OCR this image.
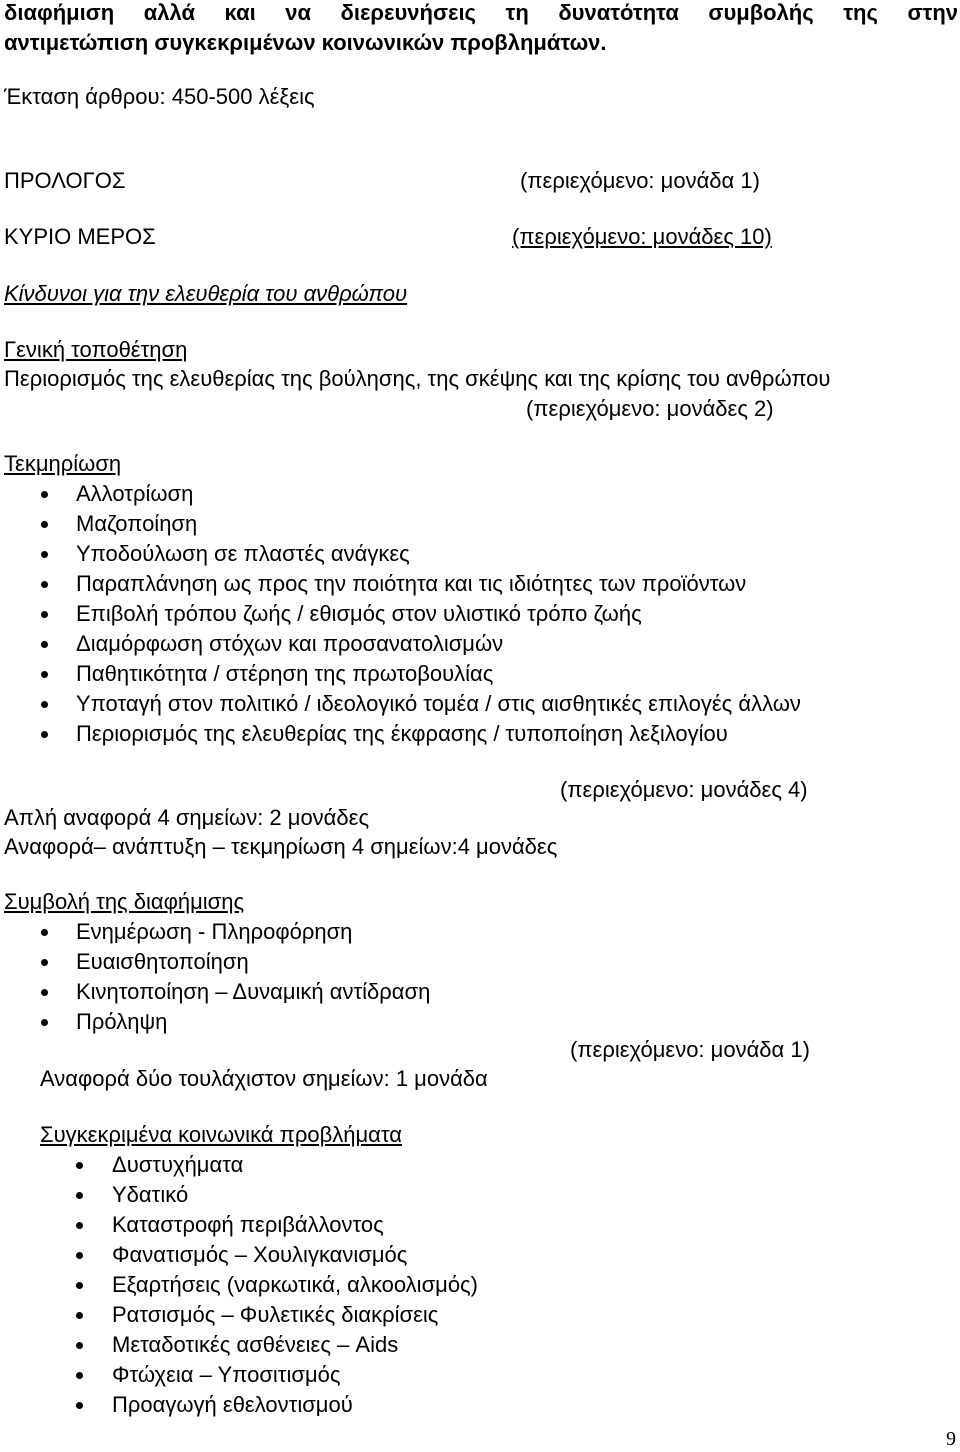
διαφήμιση αλλά και να διερευνήσεις τη δυνατότητα συμβολής της στην
αντιμετώπιση συγκεκριμένων κοινωνικών προβλημάτων.
Έκταση άρθρου: 450-500 λέξεις
ΠΡΟΛΟΓΟΣ	(περιεχόμενο: μονάδα 1)
ΚΥΡΙΟ ΜΕΡΟΣ	(περιεχόμενο: μονάδες 10)
Κίνδυνοι για την ελευθερία του ανθρώπου
Γενική τοποθέτηση
Περιορισμός της ελευθερίας της βούλησης, της σκέψης και της κρίσης του ανθρώπου
(περιεχόμενο: μονάδες 2)
Τεκμηρίωση
Αλλοτρίωση
Μαζοποίηση
Υποδούλωση σε πλαστές ανάγκες
Παραπλάνηση ως προς την ποιότητα και τις ιδιότητες των προϊόντων
Επιβολή τρόπου ζωής / εθισμός στον υλιστικό τρόπο ζωής
Διαμόρφωση στόχων και προσανατολισμών
Παθητικότητα / στέρηση της πρωτοβουλίας
Υποταγή στον πολιτικό / ιδεολογικό τομέα / στις αισθητικές επιλογές άλλων
Περιορισμός της ελευθερίας της έκφρασης / τυποποίηση λεξιλογίου
(περιεχόμενο: μονάδες 4)
Απλή αναφορά 4 σημείων: 2 μονάδες
Αναφορά– ανάπτυξη – τεκμηρίωση 4 σημείων:4 μονάδες
Συμβολή της διαφήμισης
Ενημέρωση - Πληροφόρηση
Ευαισθητοποίηση
Κινητοποίηση – Δυναμική αντίδραση
Πρόληψη
(περιεχόμενο: μονάδα 1)
Αναφορά δύο τουλάχιστον σημείων: 1 μονάδα
Συγκεκριμένα κοινωνικά προβλήματα
Δυστυχήματα
Υδατικό
Καταστροφή περιβάλλοντος
Φανατισμός – Χουλιγκανισμός
Εξαρτήσεις (ναρκωτικά, αλκοολισμός)
Ρατσισμός – Φυλετικές διακρίσεις
Μεταδοτικές ασθένειες – Aids
Φτώχεια – Υποσιτισμός
Προαγωγή εθελοντισμού
9
